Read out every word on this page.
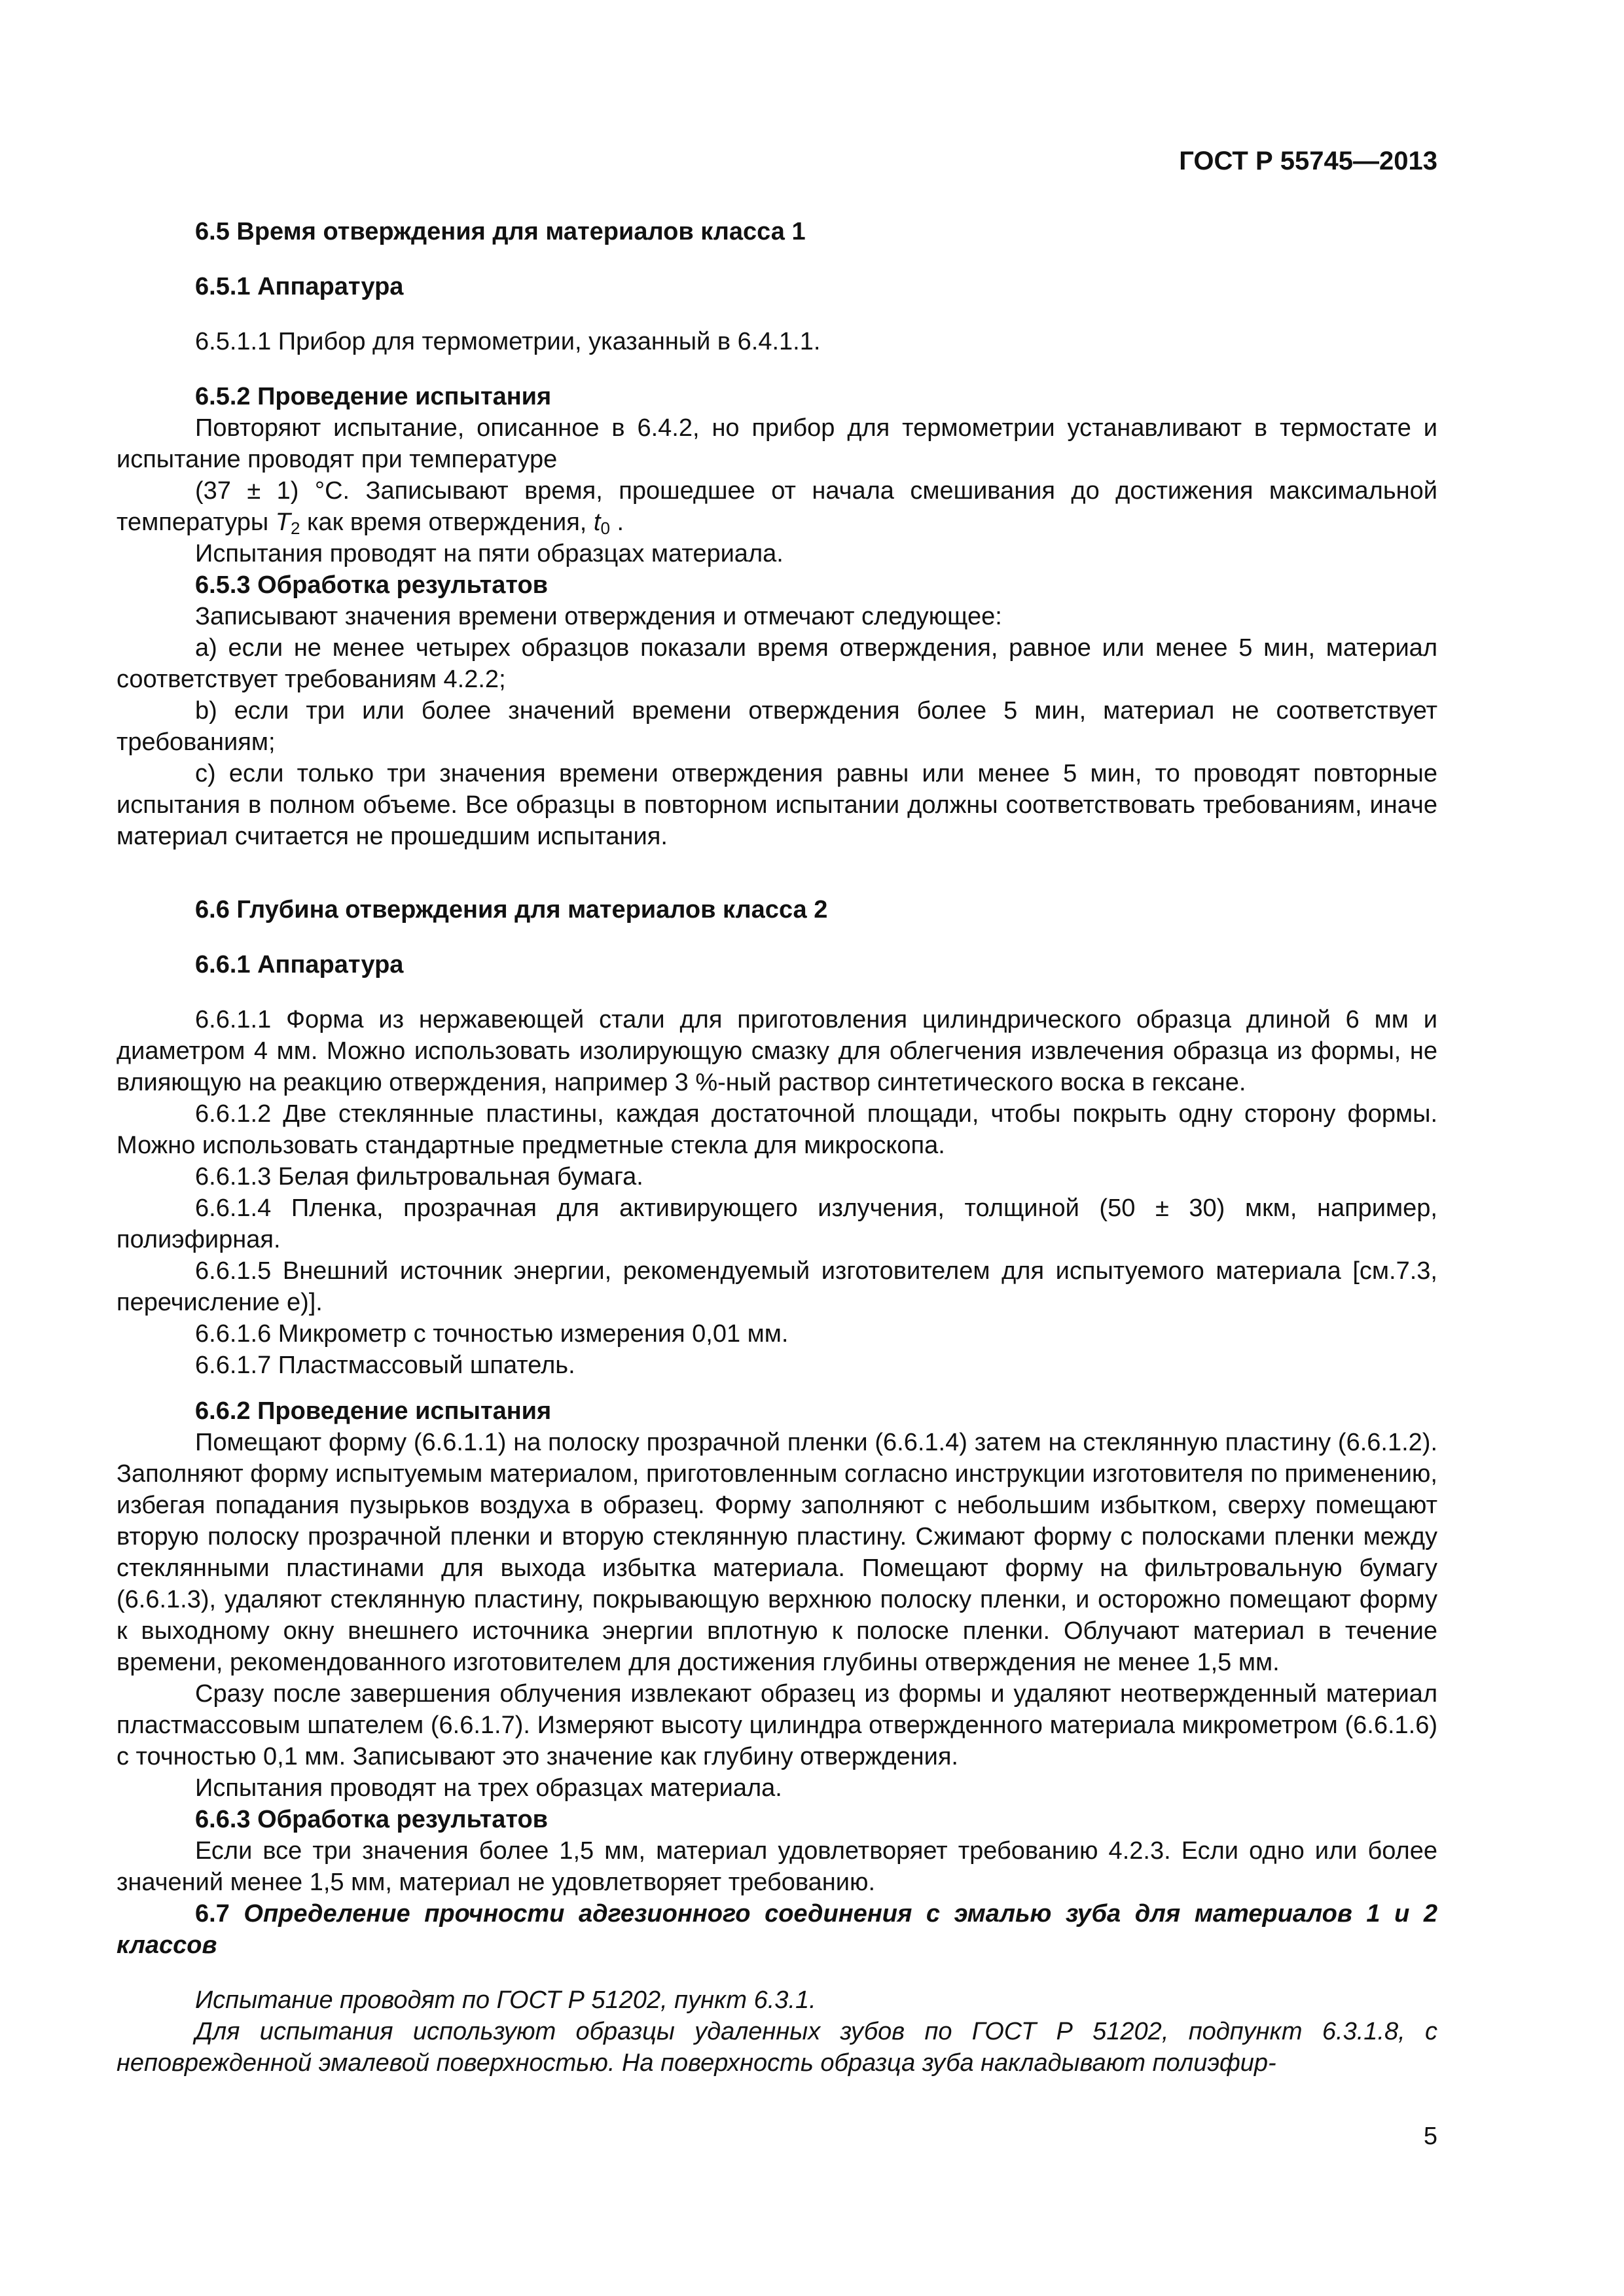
ГОСТ Р 55745—2013

6.5 Время отверждения для материалов класса 1

6.5.1 Аппаратура

6.5.1.1 Прибор для термометрии, указанный в 6.4.1.1.

6.5.2 Проведение испытания

Повторяют испытание, описанное в 6.4.2, но прибор для термометрии устанавливают в термостате и испытание проводят при температуре

(37 ± 1) °C. Записывают время, прошедшее от начала смешивания до достижения максимальной температуры $T_2$ как время отверждения, $t_0$ .

Испытания проводят на пяти образцах материала.

6.5.3 Обработка результатов

Записывают значения времени отверждения и отмечают следующее:

a) если не менее четырех образцов показали время отверждения, равное или менее 5 мин, материал соответствует требованиям 4.2.2;

b) если три или более значений времени отверждения более 5 мин, материал не соответствует требованиям;

c) если только три значения времени отверждения равны или менее 5 мин, то проводят повторные испытания в полном объеме. Все образцы в повторном испытании должны соответствовать требованиям, иначе материал считается не прошедшим испытания.

6.6 Глубина отверждения для материалов класса 2

6.6.1 Аппаратура

6.6.1.1 Форма из нержавеющей стали для приготовления цилиндрического образца длиной 6 мм и диаметром 4 мм. Можно использовать изолирующую смазку для облегчения извлечения образца из формы, не влияющую на реакцию отверждения, например 3 %-ный раствор синтетического воска в гексане.

6.6.1.2 Две стеклянные пластины, каждая достаточной площади, чтобы покрыть одну сторону формы. Можно использовать стандартные предметные стекла для микроскопа.

6.6.1.3 Белая фильтровальная бумага.

6.6.1.4 Пленка, прозрачная для активирующего излучения, толщиной (50 ± 30) мкм, например, полиэфирная.

6.6.1.5 Внешний источник энергии, рекомендуемый изготовителем для испытуемого материала [см.7.3, перечисление е)].

6.6.1.6 Микрометр с точностью измерения 0,01 мм.

6.6.1.7 Пластмассовый шпатель.

6.6.2 Проведение испытания

Помещают форму (6.6.1.1) на полоску прозрачной пленки (6.6.1.4) затем на стеклянную пластину (6.6.1.2). Заполняют форму испытуемым материалом, приготовленным согласно инструкции изготовителя по применению, избегая попадания пузырьков воздуха в образец. Форму заполняют с небольшим избытком, сверху помещают вторую полоску прозрачной пленки и вторую стеклянную пластину. Сжимают форму с полосками пленки между стеклянными пластинами для выхода избытка материала. Помещают форму на фильтровальную бумагу (6.6.1.3), удаляют стеклянную пластину, покрывающую верхнюю полоску пленки, и осторожно помещают форму к выходному окну внешнего источника энергии вплотную к полоске пленки. Облучают материал в течение времени, рекомендованного изготовителем для достижения глубины отверждения не менее 1,5 мм.

Сразу после завершения облучения извлекают образец из формы и удаляют неотвержденный материал пластмассовым шпателем (6.6.1.7). Измеряют высоту цилиндра отвержденного материала микрометром (6.6.1.6) с точностью 0,1 мм. Записывают это значение как глубину отверждения.

Испытания проводят на трех образцах материала.

6.6.3 Обработка результатов

Если все три значения более 1,5 мм, материал удовлетворяет требованию 4.2.3. Если одно или более значений менее 1,5 мм, материал не удовлетворяет требованию.

6.7 Определение прочности адгезионного соединения с эмалью зуба для материалов 1 и 2 классов

Испытание проводят по ГОСТ Р 51202, пункт 6.3.1.

Для испытания используют образцы удаленных зубов по ГОСТ Р 51202, подпункт 6.3.1.8, с неповрежденной эмалевой поверхностью. На поверхность образца зуба накладывают полиэфир-

5
